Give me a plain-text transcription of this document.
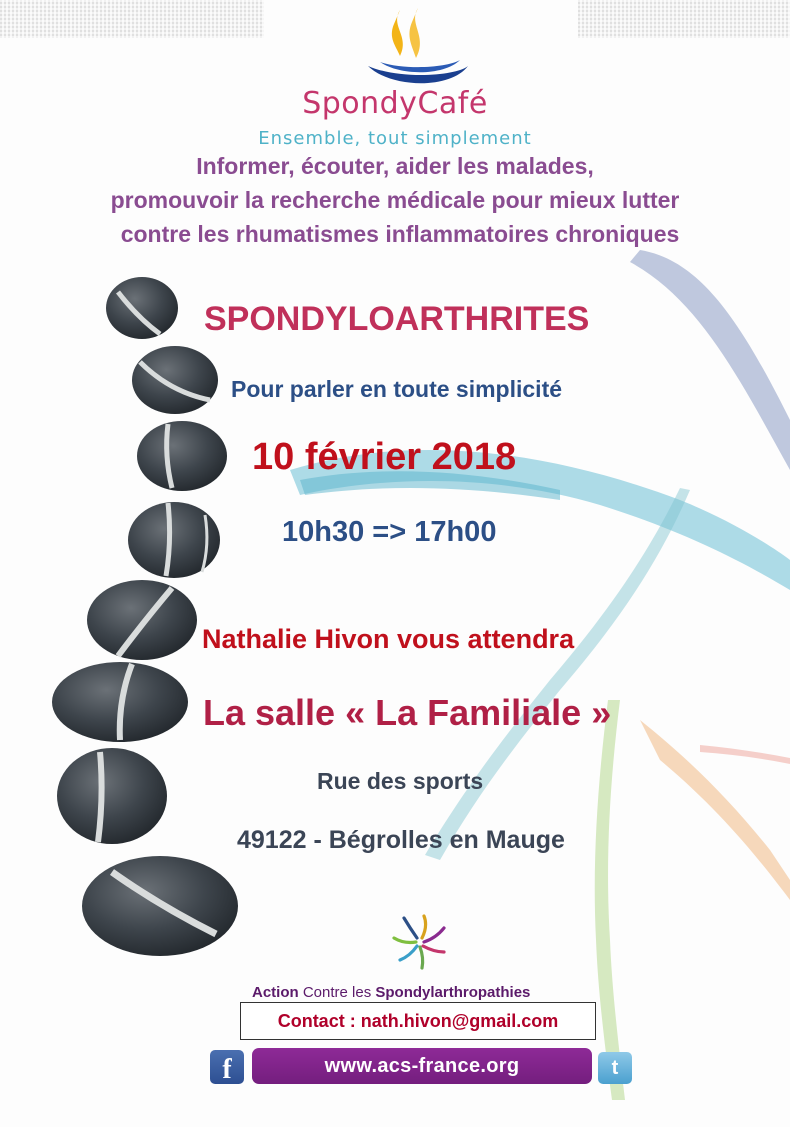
SpondyCafé
Ensemble, tout simplement
Informer, écouter, aider les malades,
promouvoir la recherche médicale pour mieux lutter
contre les rhumatismes inflammatoires chroniques
SPONDYLOARTHRITES
Pour parler en toute simplicité
10 février 2018
10h30 => 17h00
Nathalie Hivon vous attendra
La salle « La Familiale »
Rue des sports
49122 - Bégrolles en Mauge
Action Contre les Spondylarthropathies
Contact : nath.hivon@gmail.com
f	www.acs-france.org	t
